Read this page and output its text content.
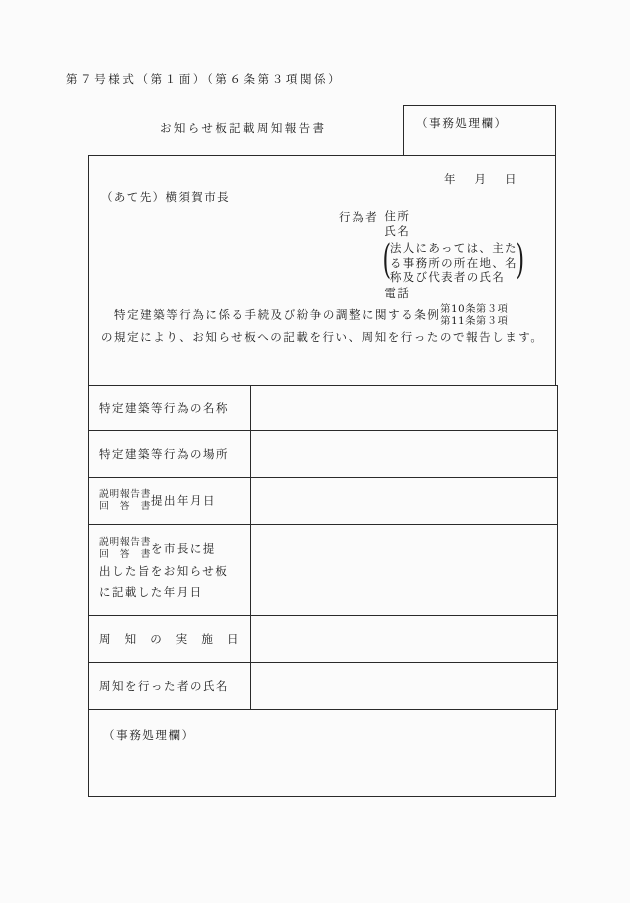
第７号様式（第１面）（第６条第３項関係）
お知らせ板記載周知報告書	（事務処理欄）
年 月 日
（あて先）横須賀市長
行為者 住所
氏名
(
法人にあっては、主た
る事務所の所在地、名
称及び代表者の氏名 )
電話
　特定建築等行為に係る手続及び紛争の調整に関する条例 第10条第３項
第11条第３項
の規定により、お知らせ板への記載を行い、周知を行ったので報告します。
特定建築等行為の名称	
特定建築等行為の場所	

説明報告書
回答書 提出年月日	

説明報告書
回答書 を市長に提
出した旨をお知らせ板
に記載した年月日	

周知の実施日	

周知を行った者の氏名	
（事務処理欄）
